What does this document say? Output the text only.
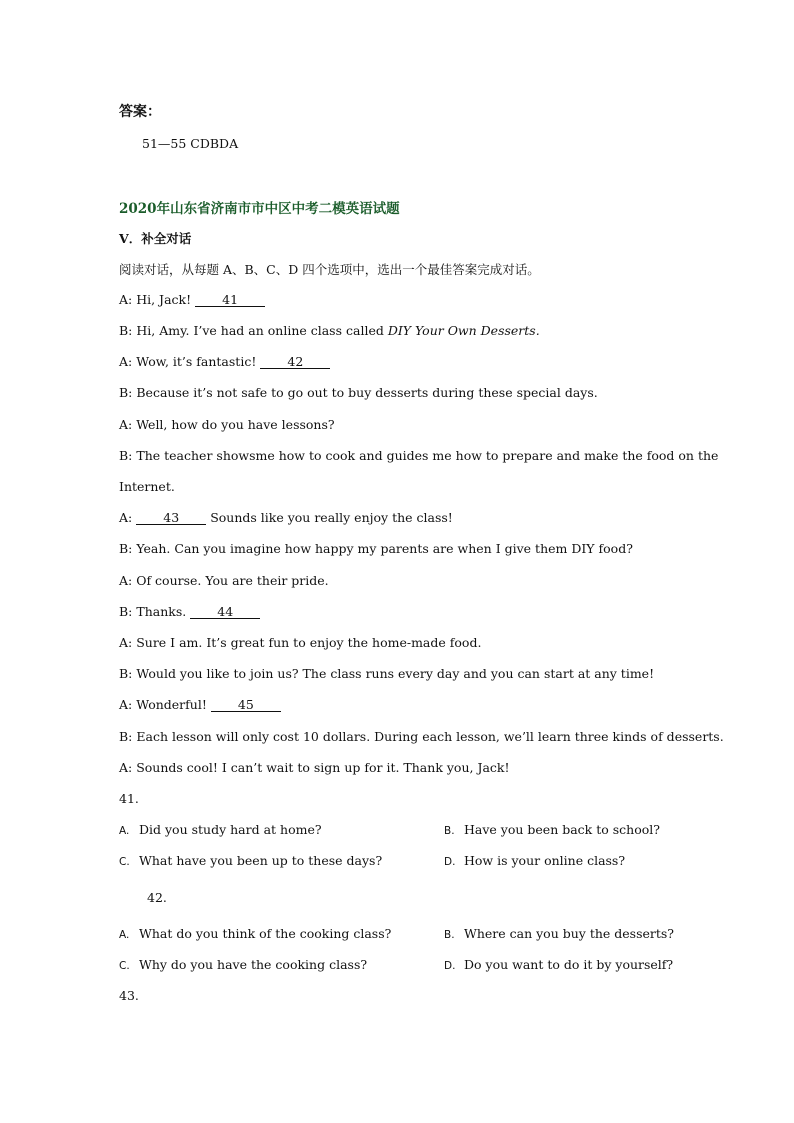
答案：
51—55 CDBDA
2020年山东省济南市市中区中考二模英语试题
V．补全对话
阅读对话，从每题 A、B、C、D 四个选项中，选出一个最佳答案完成对话。
A: Hi, Jack! 41
B: Hi, Amy. I’ve had an online class called DIY Your Own Desserts.
A: Wow, it’s fantastic! 42
B: Because it’s not safe to go out to buy desserts during these special days.
A: Well, how do you have lessons?
B: The teacher showsme how to cook and guides me how to prepare and make the food on the
Internet.
A: 43 Sounds like you really enjoy the class!
B: Yeah. Can you imagine how happy my parents are when I give them DIY food?
A: Of course. You are their pride.
B: Thanks. 44
A: Sure I am. It’s great fun to enjoy the home-made food.
B: Would you like to join us? The class runs every day and you can start at any time!
A: Wonderful! 45
B: Each lesson will only cost 10 dollars. During each lesson, we’ll learn three kinds of desserts.
A: Sounds cool! I can’t wait to sign up for it. Thank you, Jack!
41.
A. Did you study hard at home?	B. Have you been back to school?
C. What have you been up to these days?	D. How is your online class?
42.
A. What do you think of the cooking class?	B. Where can you buy the desserts?
C. Why do you have the cooking class?	D. Do you want to do it by yourself?
43.
